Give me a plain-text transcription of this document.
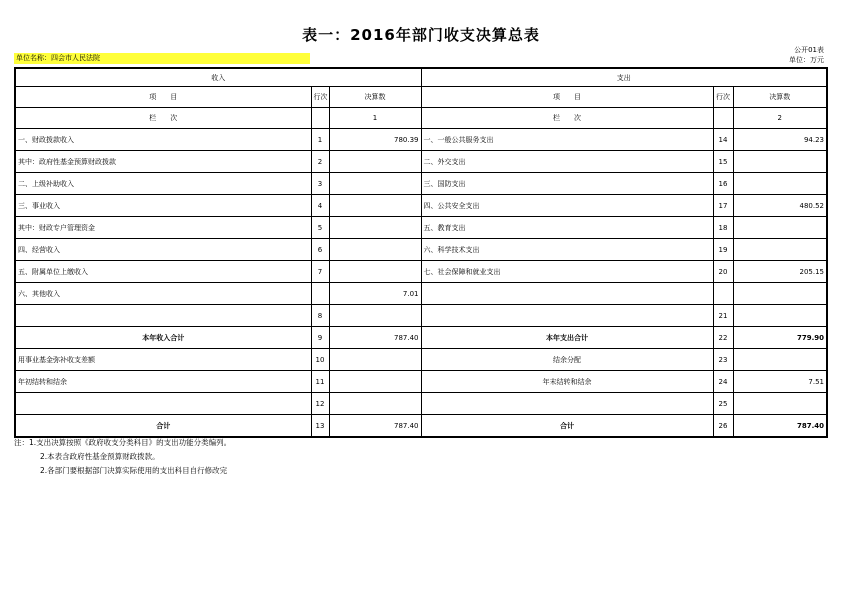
表一：2016年部门收支决算总表
公开01表
单位名称：四会市人民法院	单位：万元
收入			支出		
项　　目	行次	决算数	项　　目	行次	决算数
栏　　次		1	栏　　次		2
一、财政拨款收入	1	780.39	一、一般公共服务支出	14	94.23
其中：政府性基金预算财政拨款	2		二、外交支出	15	
二、上级补助收入	3		三、国防支出	16	
三、事业收入	4		四、公共安全支出	17	480.52
其中：财政专户管理资金	5		五、教育支出	18	
四、经营收入	6		六、科学技术支出	19	
五、附属单位上缴收入	7		七、社会保障和就业支出	20	205.15
六、其他收入		7.01			
	8			21	
本年收入合计	9	787.40	本年支出合计	22	779.90
用事业基金弥补收支差额	10		结余分配	23	
年初结转和结余	11		年末结转和结余	24	7.51
	12			25	
合计	13	787.40	合计	26	787.40
注：1.支出决算按照《政府收支分类科目》的支出功能分类编列。
2.本表含政府性基金预算财政拨款。
2.各部门要根据部门决算实际使用的支出科目自行修改完
